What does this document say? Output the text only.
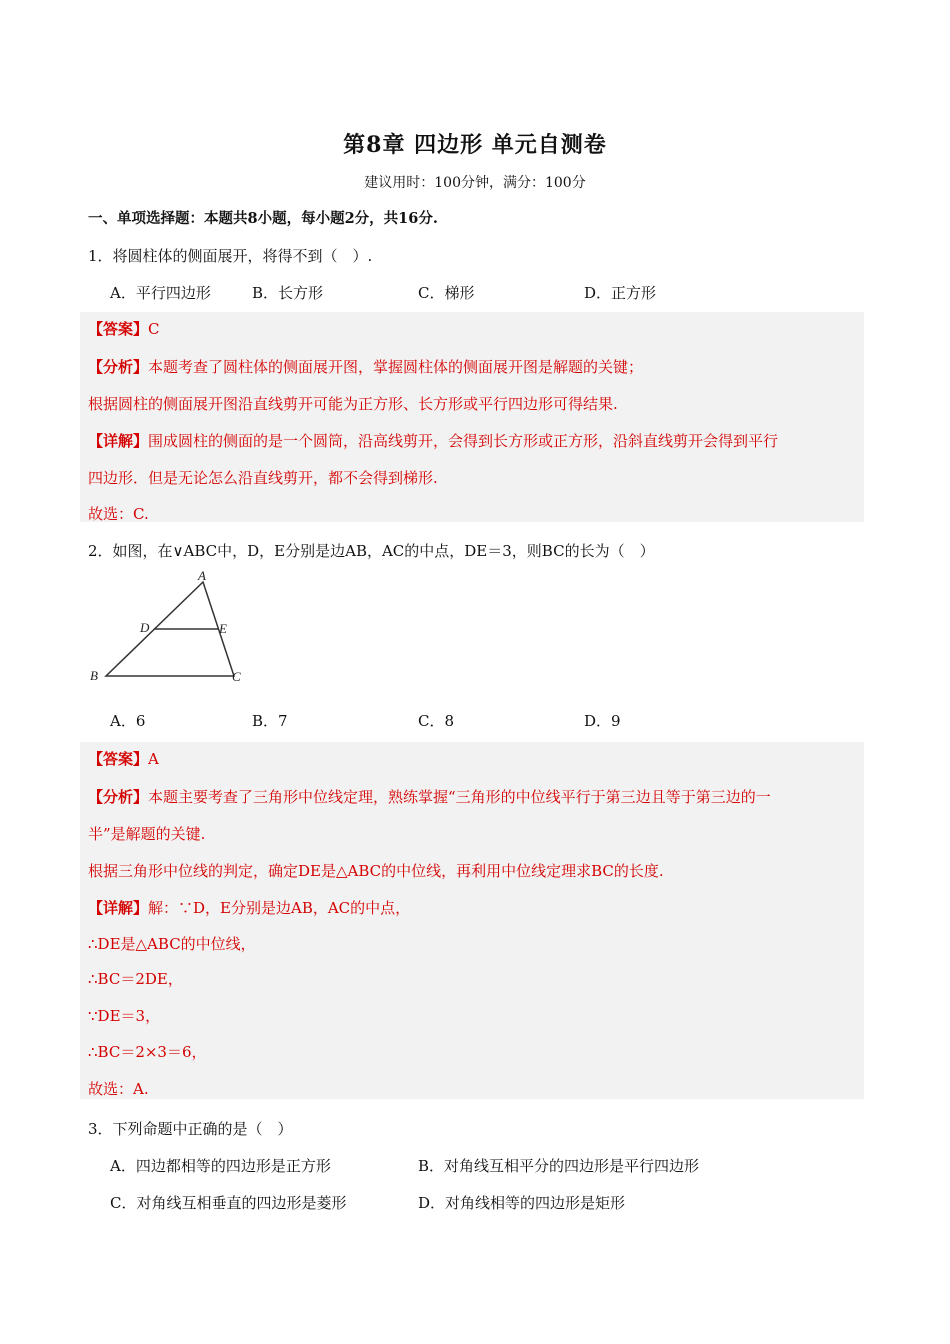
第8章 四边形 单元自测卷
建议用时：100分钟，满分：100分
一、单项选择题：本题共8小题，每小题2分，共16分.
1．将圆柱体的侧面展开，将得不到（　）.
A．平行四边形	B．长方形	C．梯形	D．正方形
【答案】C
【分析】本题考查了圆柱体的侧面展开图，掌握圆柱体的侧面展开图是解题的关键；
根据圆柱的侧面展开图沿直线剪开可能为正方形、长方形或平行四边形可得结果.
【详解】围成圆柱的侧面的是一个圆筒，沿高线剪开，会得到长方形或正方形，沿斜直线剪开会得到平行
四边形．但是无论怎么沿直线剪开，都不会得到梯形.
故选：C.
2．如图，在∨ABC中，D，E分别是边AB，AC的中点，DE＝3，则BC的长为（　）
A
B	C
D	E
A．6	B．7	C．8	D．9
【答案】A
【分析】本题主要考查了三角形中位线定理，熟练掌握“三角形的中位线平行于第三边且等于第三边的一
半”是解题的关键.
根据三角形中位线的判定，确定DE是△ABC的中位线，再利用中位线定理求BC的长度.
【详解】解：∵D，E分别是边AB，AC的中点，
∴DE是△ABC的中位线，
∴BC＝2DE，
∵DE＝3，
∴BC＝2×3＝6，
故选：A.
3．下列命题中正确的是（　）
A．四边都相等的四边形是正方形	B．对角线互相平分的四边形是平行四边形
C．对角线互相垂直的四边形是菱形	D．对角线相等的四边形是矩形
